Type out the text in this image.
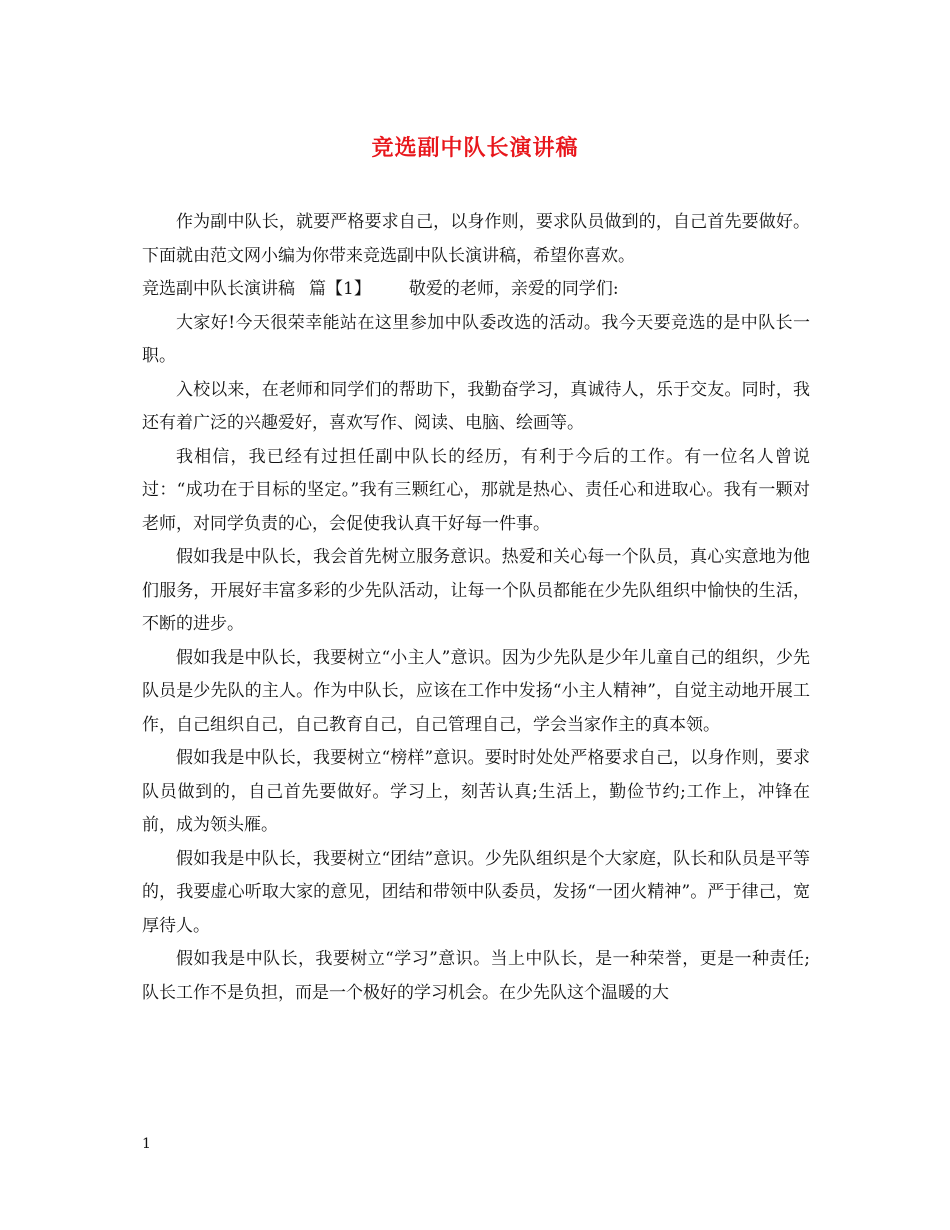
竞选副中队长演讲稿

作为副中队长，就要严格要求自己，以身作则，要求队员做到的，自己首先要做好。下面就由范文网小编为你带来竞选副中队长演讲稿，希望你喜欢。

竞选副中队长演讲稿 篇【1】 敬爱的老师，亲爱的同学们:

大家好!今天很荣幸能站在这里参加中队委改选的活动。我今天要竞选的是中队长一职。

入校以来，在老师和同学们的帮助下，我勤奋学习，真诚待人，乐于交友。同时，我还有着广泛的兴趣爱好，喜欢写作、阅读、电脑、绘画等。

我相信，我已经有过担任副中队长的经历，有利于今后的工作。有一位名人曾说过：“成功在于目标的坚定。”我有三颗红心，那就是热心、责任心和进取心。我有一颗对老师，对同学负责的心，会促使我认真干好每一件事。

假如我是中队长，我会首先树立服务意识。热爱和关心每一个队员，真心实意地为他们服务，开展好丰富多彩的少先队活动，让每一个队员都能在少先队组织中愉快的生活，不断的进步。

假如我是中队长，我要树立“小主人”意识。因为少先队是少年儿童自己的组织，少先队员是少先队的主人。作为中队长，应该在工作中发扬“小主人精神”，自觉主动地开展工作，自己组织自己，自己教育自己，自己管理自己，学会当家作主的真本领。

假如我是中队长，我要树立“榜样”意识。要时时处处严格要求自己，以身作则，要求队员做到的，自己首先要做好。学习上，刻苦认真;生活上，勤俭节约;工作上，冲锋在前，成为领头雁。

假如我是中队长，我要树立“团结”意识。少先队组织是个大家庭，队长和队员是平等的，我要虚心听取大家的意见，团结和带领中队委员，发扬“一团火精神”。严于律己，宽厚待人。

假如我是中队长，我要树立“学习”意识。当上中队长，是一种荣誉，更是一种责任;队长工作不是负担，而是一个极好的学习机会。在少先队这个温暖的大

1
